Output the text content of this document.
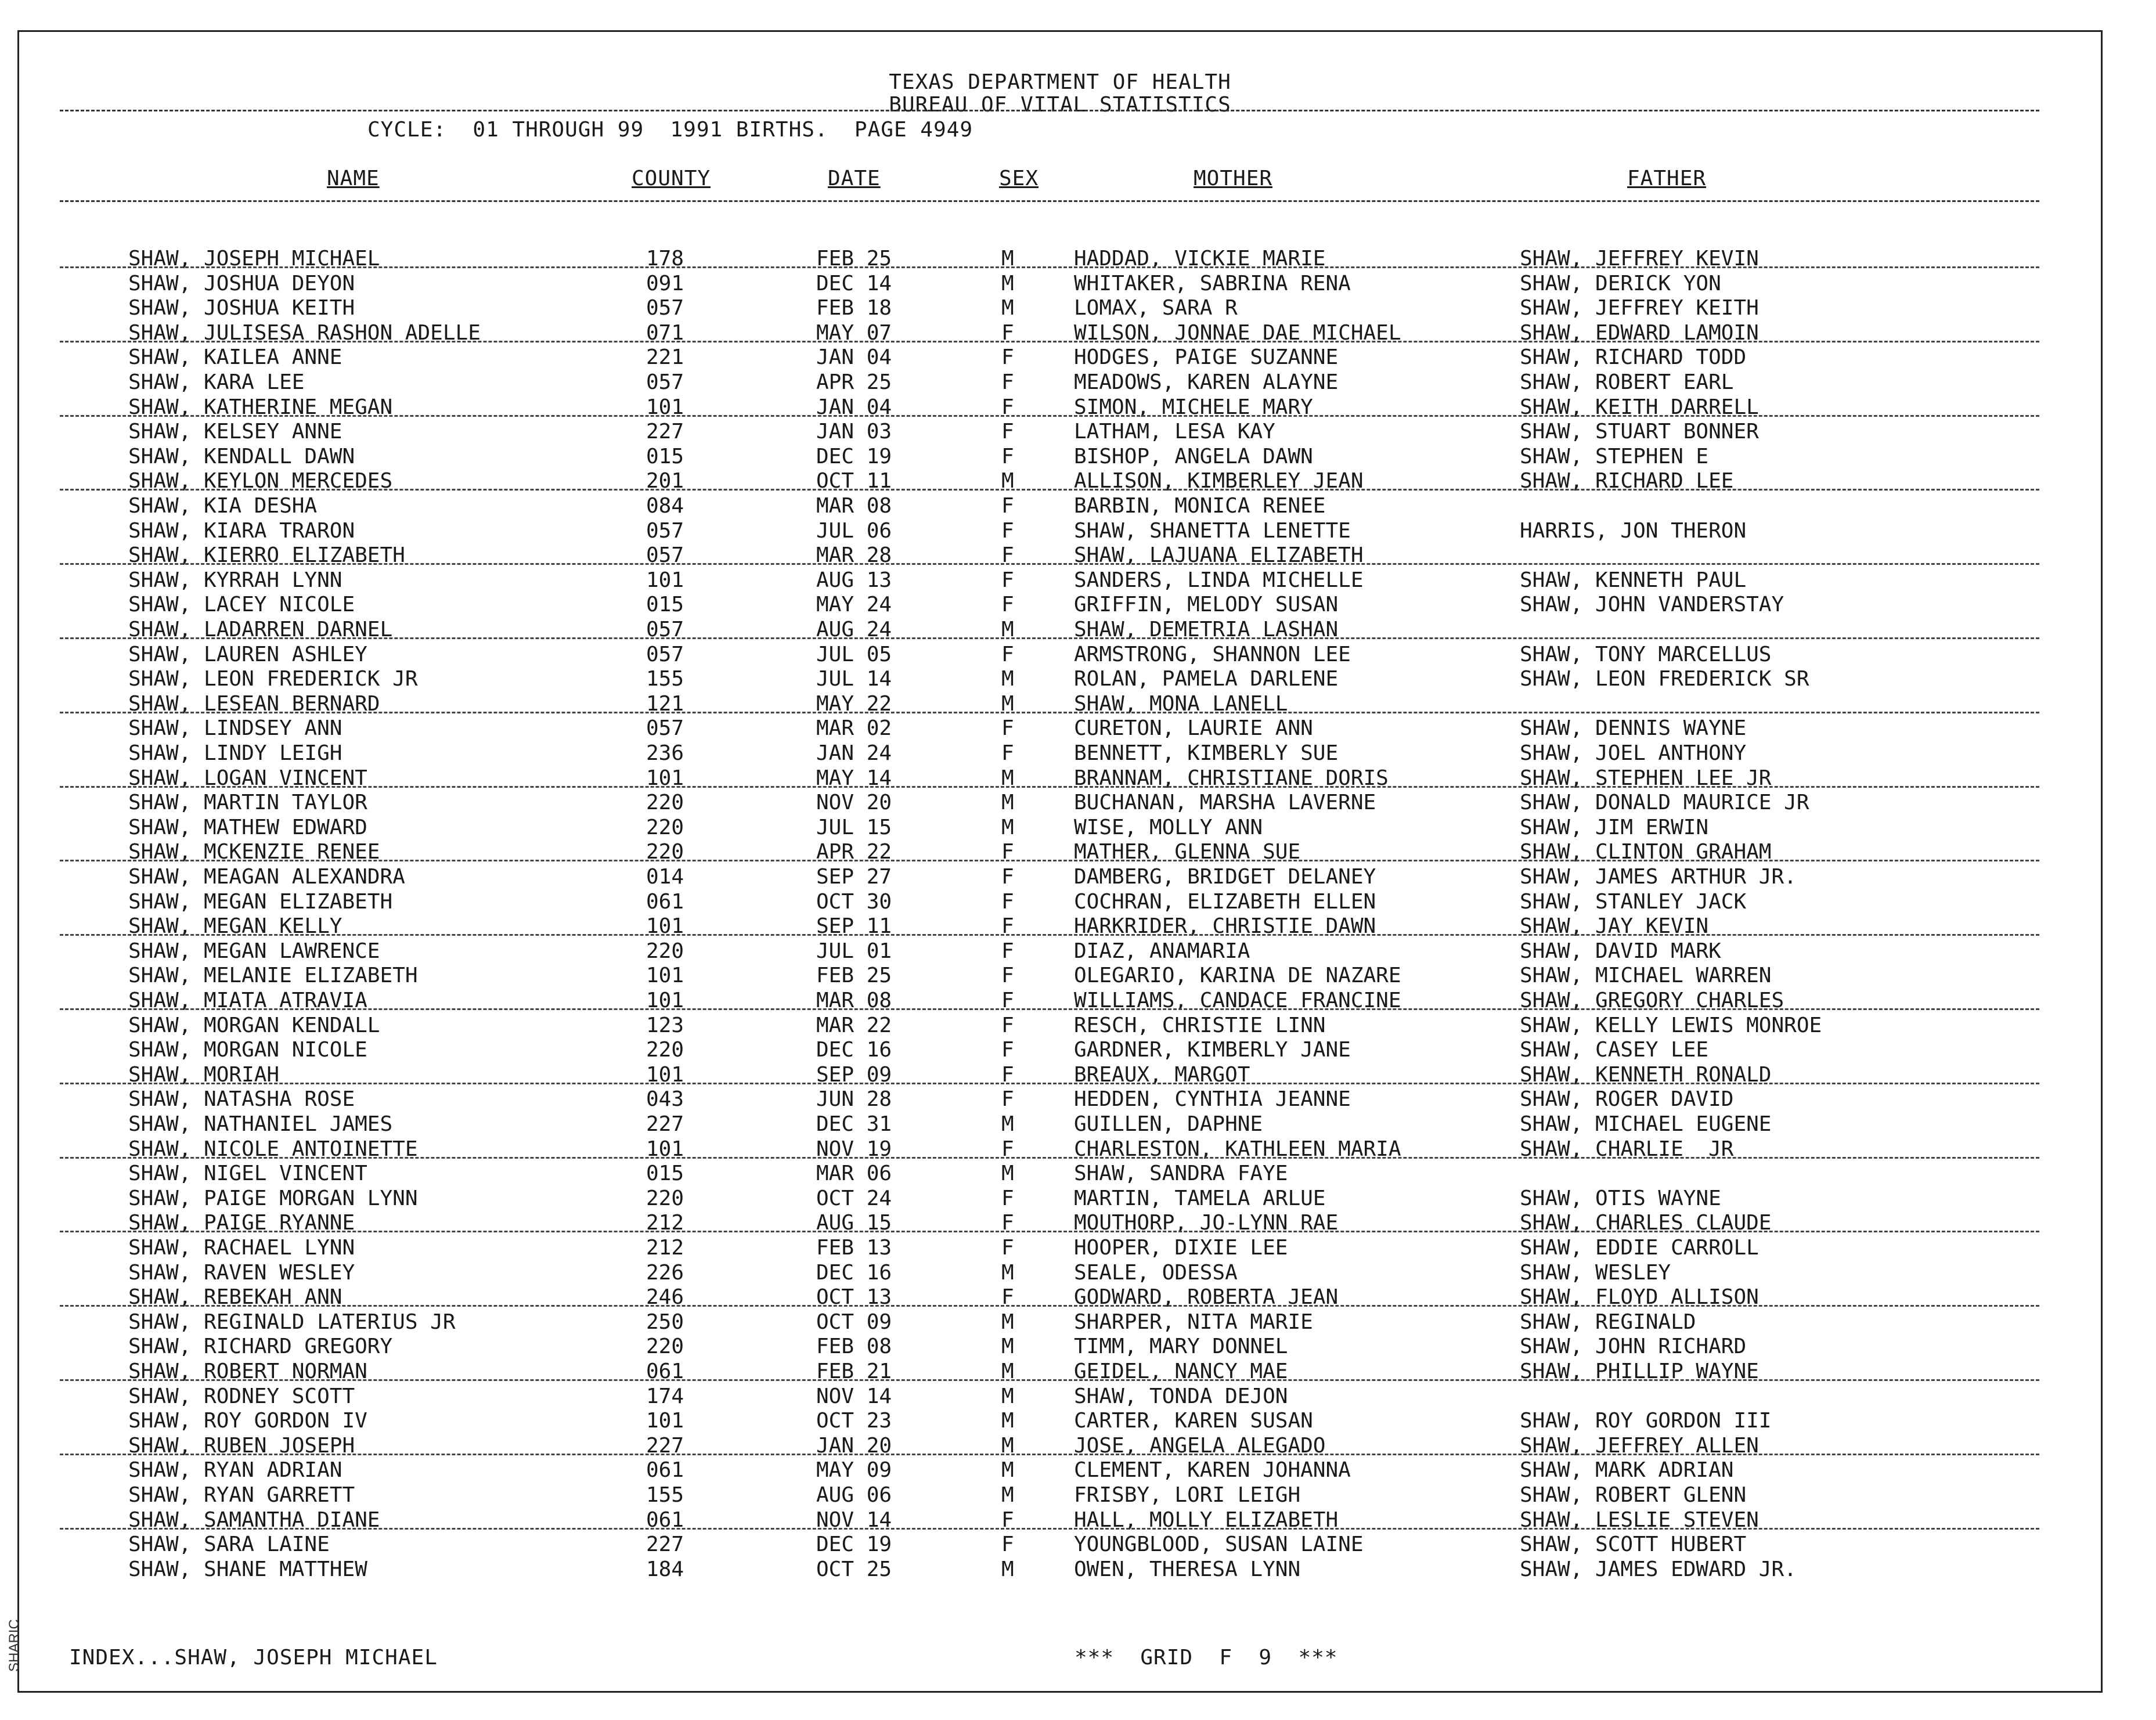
TEXAS DEPARTMENT OF HEALTH
BUREAU OF VITAL STATISTICS
CYCLE:  01 THROUGH 99  1991 BIRTHS.  PAGE 4949
NAME	COUNTY	DATE	SEX	MOTHER	FATHER
SHAW, JOSEPH MICHAEL	178	FEB 25	M	HADDAD, VICKIE MARIE	SHAW, JEFFREY KEVIN
SHAW, JOSHUA DEYON	091	DEC 14	M	WHITAKER, SABRINA RENA	SHAW, DERICK YON
SHAW, JOSHUA KEITH	057	FEB 18	M	LOMAX, SARA R	SHAW, JEFFREY KEITH
SHAW, JULISESA RASHON ADELLE	071	MAY 07	F	WILSON, JONNAE DAE MICHAEL	SHAW, EDWARD LAMOIN
SHAW, KAILEA ANNE	221	JAN 04	F	HODGES, PAIGE SUZANNE	SHAW, RICHARD TODD
SHAW, KARA LEE	057	APR 25	F	MEADOWS, KAREN ALAYNE	SHAW, ROBERT EARL
SHAW, KATHERINE MEGAN	101	JAN 04	F	SIMON, MICHELE MARY	SHAW, KEITH DARRELL
SHAW, KELSEY ANNE	227	JAN 03	F	LATHAM, LESA KAY	SHAW, STUART BONNER
SHAW, KENDALL DAWN	015	DEC 19	F	BISHOP, ANGELA DAWN	SHAW, STEPHEN E
SHAW, KEYLON MERCEDES	201	OCT 11	M	ALLISON, KIMBERLEY JEAN	SHAW, RICHARD LEE
SHAW, KIA DESHA	084	MAR 08	F	BARBIN, MONICA RENEE
SHAW, KIARA TRARON	057	JUL 06	F	SHAW, SHANETTA LENETTE	HARRIS, JON THERON
SHAW, KIERRO ELIZABETH	057	MAR 28	F	SHAW, LAJUANA ELIZABETH
SHAW, KYRRAH LYNN	101	AUG 13	F	SANDERS, LINDA MICHELLE	SHAW, KENNETH PAUL
SHAW, LACEY NICOLE	015	MAY 24	F	GRIFFIN, MELODY SUSAN	SHAW, JOHN VANDERSTAY
SHAW, LADARREN DARNEL	057	AUG 24	M	SHAW, DEMETRIA LASHAN
SHAW, LAUREN ASHLEY	057	JUL 05	F	ARMSTRONG, SHANNON LEE	SHAW, TONY MARCELLUS
SHAW, LEON FREDERICK JR	155	JUL 14	M	ROLAN, PAMELA DARLENE	SHAW, LEON FREDERICK SR
SHAW, LESEAN BERNARD	121	MAY 22	M	SHAW, MONA LANELL
SHAW, LINDSEY ANN	057	MAR 02	F	CURETON, LAURIE ANN	SHAW, DENNIS WAYNE
SHAW, LINDY LEIGH	236	JAN 24	F	BENNETT, KIMBERLY SUE	SHAW, JOEL ANTHONY
SHAW, LOGAN VINCENT	101	MAY 14	M	BRANNAM, CHRISTIANE DORIS	SHAW, STEPHEN LEE JR
SHAW, MARTIN TAYLOR	220	NOV 20	M	BUCHANAN, MARSHA LAVERNE	SHAW, DONALD MAURICE JR
SHAW, MATHEW EDWARD	220	JUL 15	M	WISE, MOLLY ANN	SHAW, JIM ERWIN
SHAW, MCKENZIE RENEE	220	APR 22	F	MATHER, GLENNA SUE	SHAW, CLINTON GRAHAM
SHAW, MEAGAN ALEXANDRA	014	SEP 27	F	DAMBERG, BRIDGET DELANEY	SHAW, JAMES ARTHUR JR.
SHAW, MEGAN ELIZABETH	061	OCT 30	F	COCHRAN, ELIZABETH ELLEN	SHAW, STANLEY JACK
SHAW, MEGAN KELLY	101	SEP 11	F	HARKRIDER, CHRISTIE DAWN	SHAW, JAY KEVIN
SHAW, MEGAN LAWRENCE	220	JUL 01	F	DIAZ, ANAMARIA	SHAW, DAVID MARK
SHAW, MELANIE ELIZABETH	101	FEB 25	F	OLEGARIO, KARINA DE NAZARE	SHAW, MICHAEL WARREN
SHAW, MIATA ATRAVIA	101	MAR 08	F	WILLIAMS, CANDACE FRANCINE	SHAW, GREGORY CHARLES
SHAW, MORGAN KENDALL	123	MAR 22	F	RESCH, CHRISTIE LINN	SHAW, KELLY LEWIS MONROE
SHAW, MORGAN NICOLE	220	DEC 16	F	GARDNER, KIMBERLY JANE	SHAW, CASEY LEE
SHAW, MORIAH	101	SEP 09	F	BREAUX, MARGOT	SHAW, KENNETH RONALD
SHAW, NATASHA ROSE	043	JUN 28	F	HEDDEN, CYNTHIA JEANNE	SHAW, ROGER DAVID
SHAW, NATHANIEL JAMES	227	DEC 31	M	GUILLEN, DAPHNE	SHAW, MICHAEL EUGENE
SHAW, NICOLE ANTOINETTE	101	NOV 19	F	CHARLESTON, KATHLEEN MARIA	SHAW, CHARLIE  JR
SHAW, NIGEL VINCENT	015	MAR 06	M	SHAW, SANDRA FAYE
SHAW, PAIGE MORGAN LYNN	220	OCT 24	F	MARTIN, TAMELA ARLUE	SHAW, OTIS WAYNE
SHAW, PAIGE RYANNE	212	AUG 15	F	MOUTHORP, JO-LYNN RAE	SHAW, CHARLES CLAUDE
SHAW, RACHAEL LYNN	212	FEB 13	F	HOOPER, DIXIE LEE	SHAW, EDDIE CARROLL
SHAW, RAVEN WESLEY	226	DEC 16	M	SEALE, ODESSA	SHAW, WESLEY
SHAW, REBEKAH ANN	246	OCT 13	F	GODWARD, ROBERTA JEAN	SHAW, FLOYD ALLISON
SHAW, REGINALD LATERIUS JR	250	OCT 09	M	SHARPER, NITA MARIE	SHAW, REGINALD
SHAW, RICHARD GREGORY	220	FEB 08	M	TIMM, MARY DONNEL	SHAW, JOHN RICHARD
SHAW, ROBERT NORMAN	061	FEB 21	M	GEIDEL, NANCY MAE	SHAW, PHILLIP WAYNE
SHAW, RODNEY SCOTT	174	NOV 14	M	SHAW, TONDA DEJON
SHAW, ROY GORDON IV	101	OCT 23	M	CARTER, KAREN SUSAN	SHAW, ROY GORDON III
SHAW, RUBEN JOSEPH	227	JAN 20	M	JOSE, ANGELA ALEGADO	SHAW, JEFFREY ALLEN
SHAW, RYAN ADRIAN	061	MAY 09	M	CLEMENT, KAREN JOHANNA	SHAW, MARK ADRIAN
SHAW, RYAN GARRETT	155	AUG 06	M	FRISBY, LORI LEIGH	SHAW, ROBERT GLENN
SHAW, SAMANTHA DIANE	061	NOV 14	F	HALL, MOLLY ELIZABETH	SHAW, LESLIE STEVEN
SHAW, SARA LAINE	227	DEC 19	F	YOUNGBLOOD, SUSAN LAINE	SHAW, SCOTT HUBERT
SHAW, SHANE MATTHEW	184	OCT 25	M	OWEN, THERESA LYNN	SHAW, JAMES EDWARD JR.
INDEX...SHAW, JOSEPH MICHAEL	***  GRID  F  9  ***
SHARIC
